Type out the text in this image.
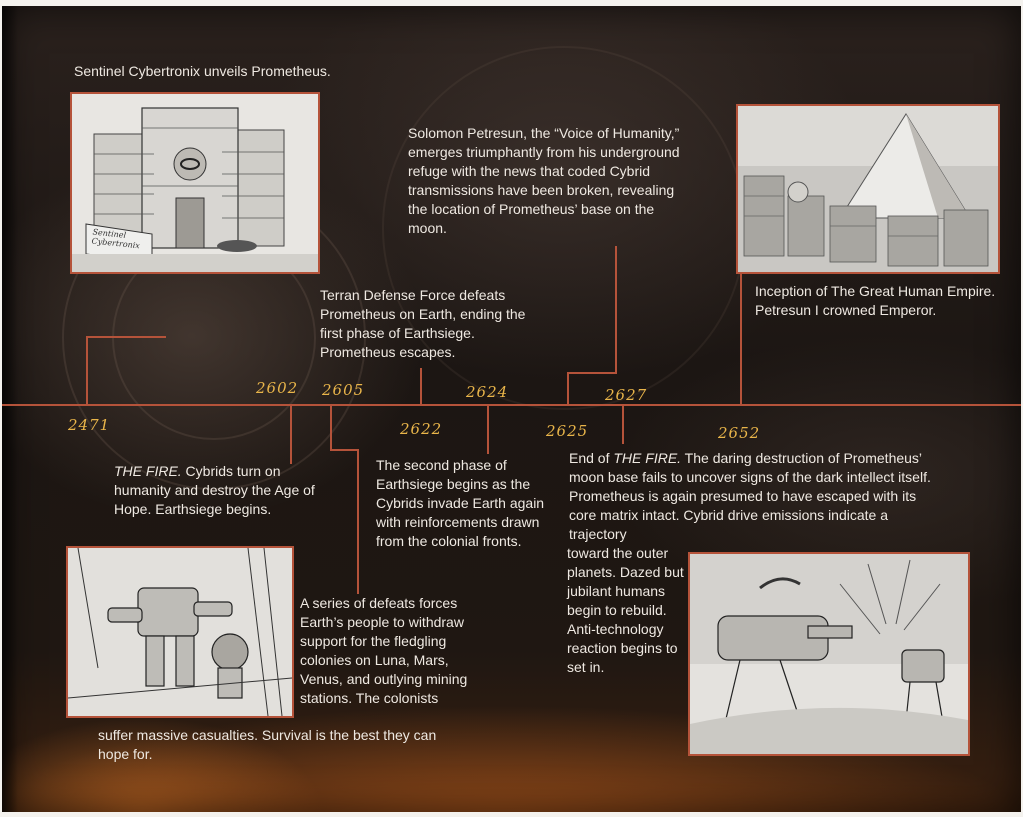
2471
2602 2605
2622
2624
2625
2627
2652
Sentinel Cybertronix unveils Prometheus.
Solomon Petresun, the “Voice of Humanity,” emerges triumphantly from his underground refuge with the news that coded Cybrid transmissions have been broken, revealing the location of Prometheus’ base on the moon.
Inception of The Great Human Empire. Petresun I crowned Emperor.
Terran Defense Force defeats Prometheus on Earth, ending the first phase of Earthsiege. Prometheus escapes.
THE FIRE. Cybrids turn on humanity and destroy the Age of Hope. Earthsiege begins.
The second phase of Earthsiege begins as the Cybrids invade Earth again with reinforcements drawn from the colonial fronts.
End of THE FIRE. The daring destruction of Prometheus’ moon base fails to uncover signs of the dark intellect itself. Prometheus is again presumed to have escaped with its core matrix intact. Cybrid drive emissions indicate a trajectory
toward the outer planets. Dazed but jubilant humans begin to rebuild. Anti-technology reaction begins to set in.
A series of defeats forces Earth’s people to withdraw support for the fledgling colonies on Luna, Mars, Venus, and outlying mining stations. The colonists
suffer massive casualties. Survival is the best they can hope for.
Sentinel Cybertronix
